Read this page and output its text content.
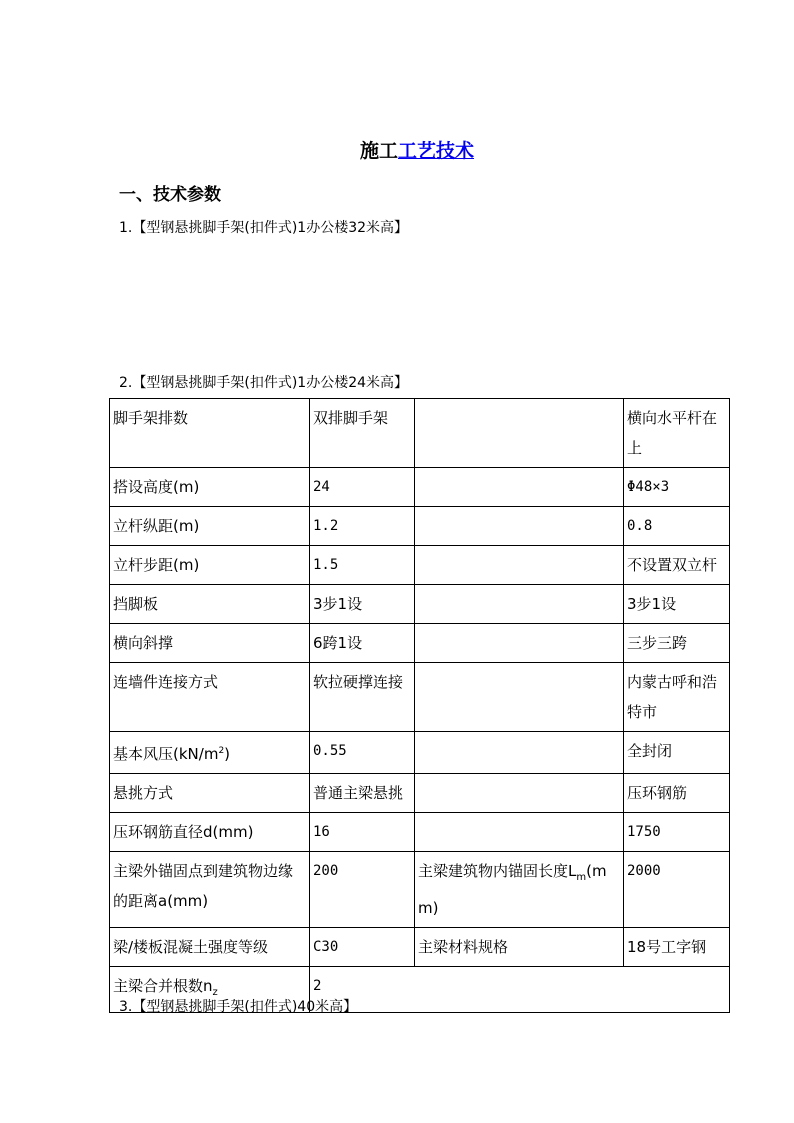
施工工艺技术
一、技术参数
1.【型钢悬挑脚手架(扣件式)1办公楼32米高】
2.【型钢悬挑脚手架(扣件式)1办公楼24米高】
脚手架排数	双排脚手架		横向水平杆在上
搭设高度(m)	24		Φ48×3
立杆纵距(m)	1.2		0.8
立杆步距(m)	1.5		不设置双立杆
挡脚板	3步1设		3步1设
横向斜撑	6跨1设		三步三跨
连墙件连接方式	软拉硬撑连接		内蒙古呼和浩特市
基本风压$(kN/m^2)$	0.55		全封闭
悬挑方式	普通主梁悬挑		压环钢筋
压环钢筋直径d(mm)	16		1750
主梁外锚固点到建筑物边缘的距离a(mm)	200	主梁建筑物内锚固长度$L_m(mm)$	2000
梁/楼板混凝土强度等级	C30	主梁材料规格	18号工字钢
主梁合并根数$n_z$	2		
3.【型钢悬挑脚手架(扣件式)40米高】
